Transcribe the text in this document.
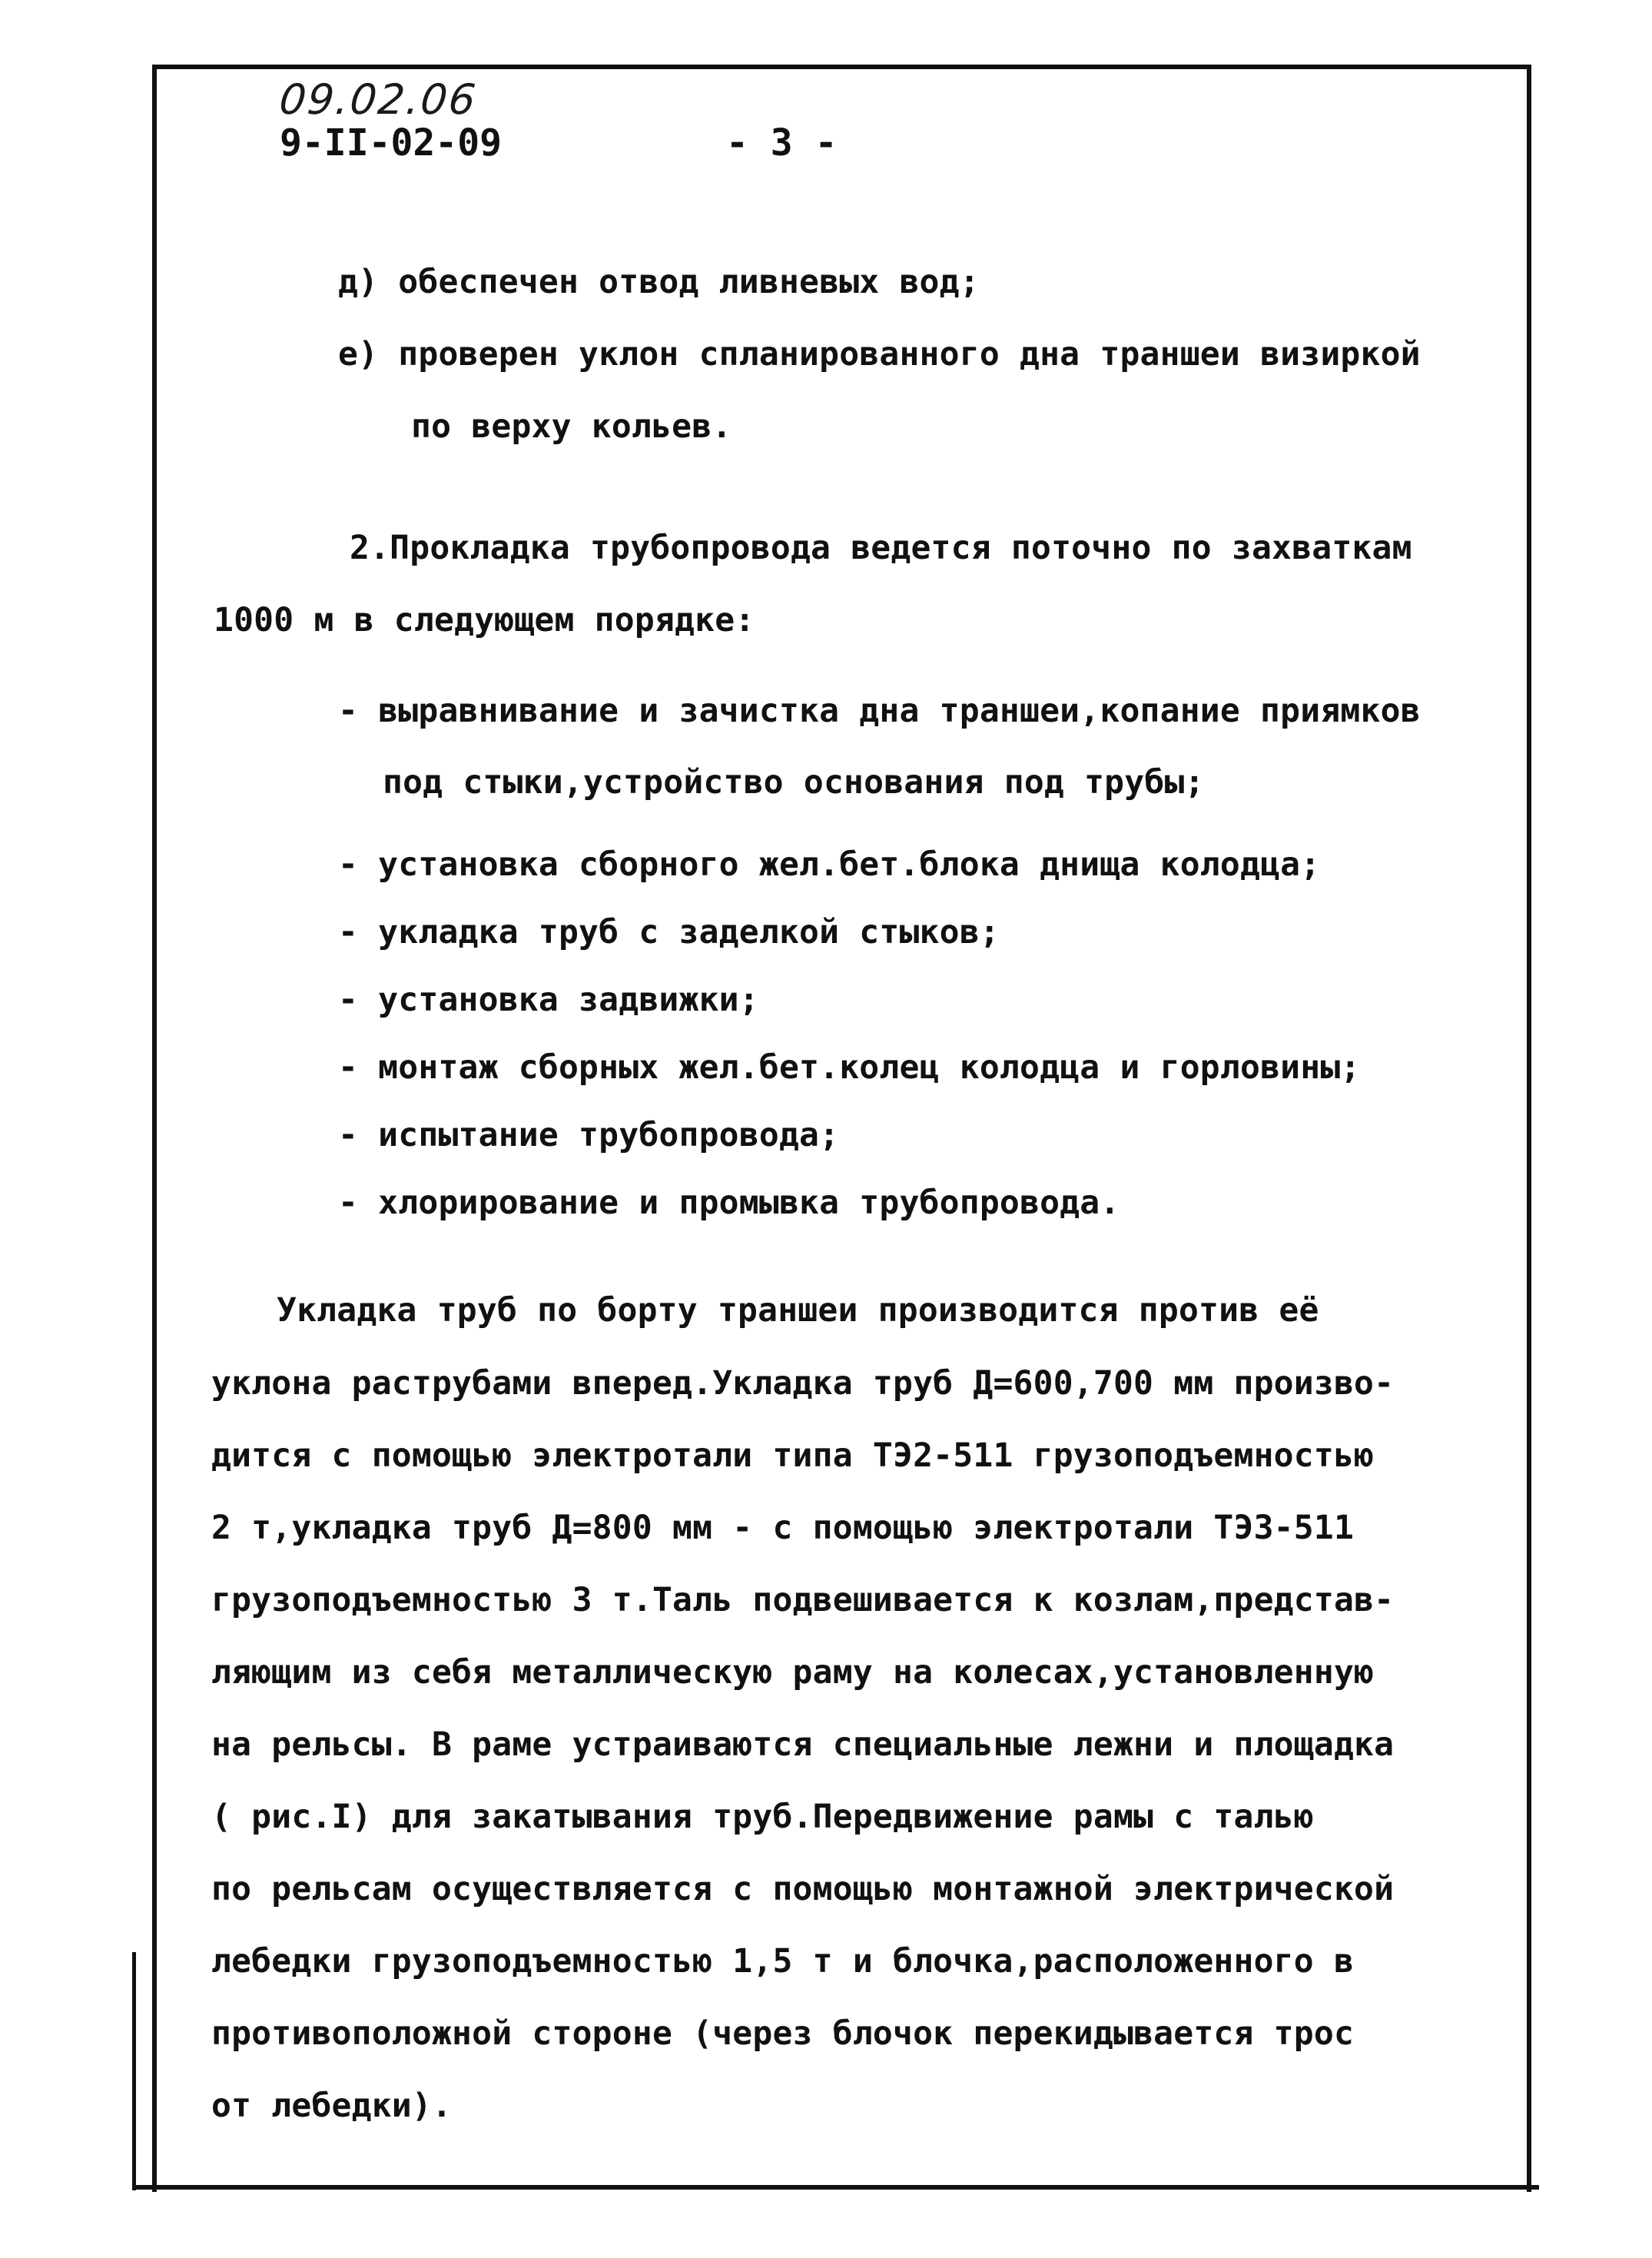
09.02.06
9-II-02-09	- 3 -
д) обеспечен отвод ливневых вод;
е) проверен уклон спланированного дна траншеи визиркой
по верху кольев.
2.Прокладка трубопровода ведется поточно по захваткам
1000 м в следующем порядке:
- выравнивание и зачистка дна траншеи,копание приямков
под стыки,устройство основания под трубы;
- установка сборного жел.бет.блока днища колодца;
- укладка труб с заделкой стыков;
- установка задвижки;
- монтаж сборных жел.бет.колец колодца и горловины;
- испытание трубопровода;
- хлорирование и промывка трубопровода.
Укладка труб по борту траншеи производится против её
уклона раструбами вперед.Укладка труб Д=600,700 мм произво-
дится с помощью электротали типа ТЭ2-511 грузоподъемностью
2 т,укладка труб Д=800 мм - с помощью электротали ТЭ3-511
грузоподъемностью 3 т.Таль подвешивается к козлам,представ-
ляющим из себя металлическую раму на колесах,установленную
на рельсы. В раме устраиваются специальные лежни и площадка
( рис.I) для закатывания труб.Передвижение рамы с талью
по рельсам осуществляется с помощью монтажной электрической
лебедки грузоподъемностью 1,5 т и блочка,расположенного в
противоположной стороне (через блочок перекидывается трос
от лебедки).
